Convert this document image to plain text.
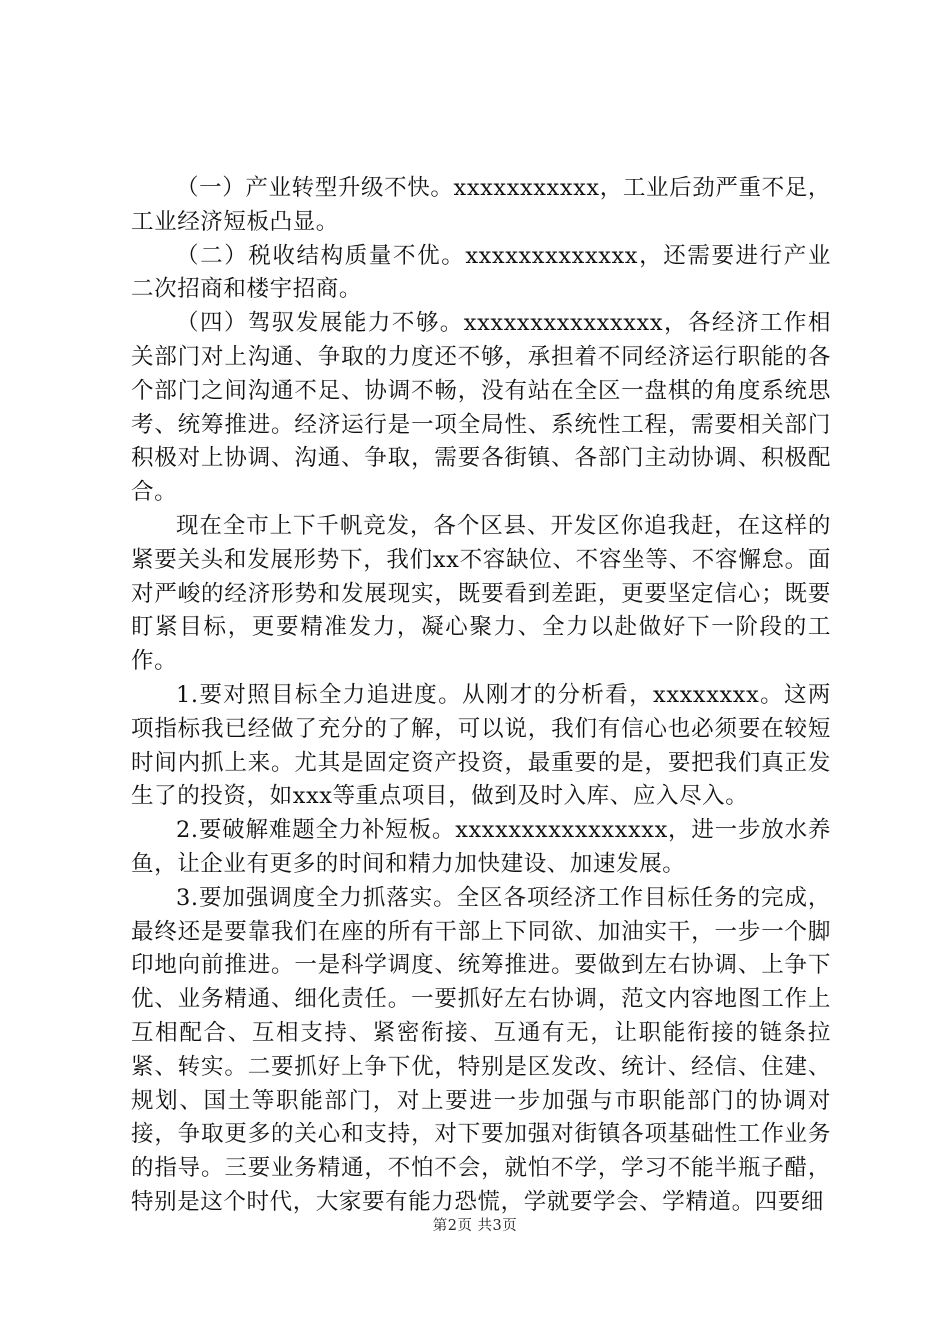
（一）产业转型升级不快。xxxxxxxxxxx，工业后劲严重不足，工业经济短板凸显。

（二）税收结构质量不优。xxxxxxxxxxxxx，还需要进行产业二次招商和楼宇招商。

（四）驾驭发展能力不够。xxxxxxxxxxxxxxx，各经济工作相关部门对上沟通、争取的力度还不够，承担着不同经济运行职能的各个部门之间沟通不足、协调不畅，没有站在全区一盘棋的角度系统思考、统筹推进。经济运行是一项全局性、系统性工程，需要相关部门积极对上协调、沟通、争取，需要各街镇、各部门主动协调、积极配合。

现在全市上下千帆竞发，各个区县、开发区你追我赶，在这样的紧要关头和发展形势下，我们xx不容缺位、不容坐等、不容懈怠。面对严峻的经济形势和发展现实，既要看到差距，更要坚定信心；既要盯紧目标，更要精准发力，凝心聚力、全力以赴做好下一阶段的工作。

1.要对照目标全力追进度。从刚才的分析看，xxxxxxxx。这两项指标我已经做了充分的了解，可以说，我们有信心也必须要在较短时间内抓上来。尤其是固定资产投资，最重要的是，要把我们真正发生了的投资，如xxx等重点项目，做到及时入库、应入尽入。

2.要破解难题全力补短板。xxxxxxxxxxxxxxxx，进一步放水养鱼，让企业有更多的时间和精力加快建设、加速发展。

3.要加强调度全力抓落实。全区各项经济工作目标任务的完成，最终还是要靠我们在座的所有干部上下同欲、加油实干，一步一个脚印地向前推进。一是科学调度、统筹推进。要做到左右协调、上争下优、业务精通、细化责任。一要抓好左右协调，范文内容地图工作上互相配合、互相支持、紧密衔接、互通有无，让职能衔接的链条拉紧、转实。二要抓好上争下优，特别是区发改、统计、经信、住建、规划、国土等职能部门，对上要进一步加强与市职能部门的协调对接，争取更多的关心和支持，对下要加强对街镇各项基础性工作业务的指导。三要业务精通，不怕不会，就怕不学，学习不能半瓶子醋，特别是这个时代，大家要有能力恐慌，学就要学会、学精道。四要细

第2页 共3页
